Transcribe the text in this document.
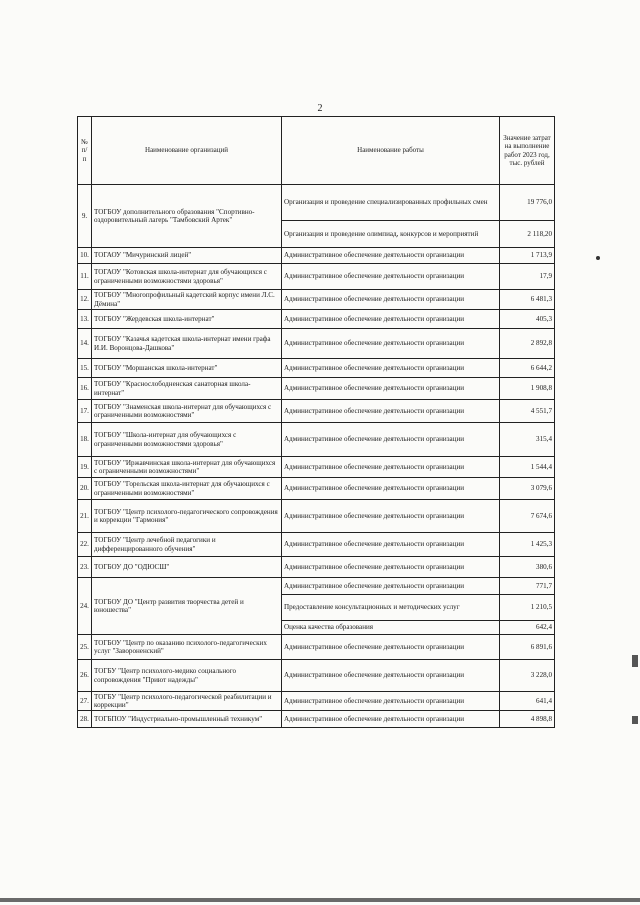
2
№ п/п	Наименование организаций	Наименование работы	Значение затрат на выполнение работ 2023 год, тыс. рублей
9.	ТОГБОУ дополнительного образования "Спортивно-оздоровительный лагерь "Тамбовский Артек"	Организация и проведение специализированных профильных смен	19 776,0
		Организация и проведение олимпиад, конкурсов и мероприятий	2 118,20
10.	ТОГАОУ "Мичуринский лицей"	Административное обеспечение деятельности организации	1 713,9
11.	ТОГАОУ "Котовская школа-интернат для обучающихся с ограниченными возможностями здоровья"	Административное обеспечение деятельности организации	17,9
12.	ТОГБОУ "Многопрофильный кадетский корпус имени Л.С. Дёмина"	Административное обеспечение деятельности организации	6 481,3
13.	ТОГБОУ "Жердевская школа-интернат"	Административное обеспечение деятельности организации	405,3
14.	ТОГБОУ "Казачья кадетская школа-интернат имени графа И.И. Воронцова-Дашкова"	Административное обеспечение деятельности организации	2 892,8
15.	ТОГБОУ "Моршанская школа-интернат"	Административное обеспечение деятельности организации	6 644,2
16.	ТОГБОУ "Краснослободненская санаторная школа-интернат"	Административное обеспечение деятельности организации	1 908,8
17.	ТОГБОУ "Знаменская школа-интернат для обучающихся с ограниченными возможностями"	Административное обеспечение деятельности организации	4 551,7
18.	ТОГБОУ "Школа-интернат для обучающихся с ограниченными возможностями здоровья"	Административное обеспечение деятельности организации	315,4
19.	ТОГБОУ "Иржавчинская школа-интернат для обучающихся с ограниченными возможностями"	Административное обеспечение деятельности организации	1 544,4
20.	ТОГБОУ "Горельская школа-интернат для обучающихся с ограниченными возможностями"	Административное обеспечение деятельности организации	3 079,6
21.	ТОГБОУ "Центр психолого-педагогического сопровождения и коррекции "Гармония"	Административное обеспечение деятельности организации	7 674,6
22.	ТОГБОУ "Центр лечебной педагогики и дифференцированного обучения"	Административное обеспечение деятельности организации	1 425,3
23.	ТОГБОУ ДО "ОДЮСШ"	Административное обеспечение деятельности организации	380,6
24.	ТОГБОУ ДО "Центр развития творчества детей и юношества"	Административное обеспечение деятельности организации	771,7
		Предоставление консультационных и методических услуг	1 210,5
		Оценка качества образования	642,4
25.	ТОГБОУ "Центр по оказанию психолого-педагогических услуг "Завороненский"	Административное обеспечение деятельности организации	6 891,6
26.	ТОГБУ "Центр психолого-медико социального сопровождения "Приют надежды"	Административное обеспечение деятельности организации	3 228,0
27.	ТОГБУ "Центр психолого-педагогической реабилитации и коррекции"	Административное обеспечение деятельности организации	641,4
28.	ТОГБПОУ "Индустриально-промышленный техникум"	Административное обеспечение деятельности организации	4 898,8
